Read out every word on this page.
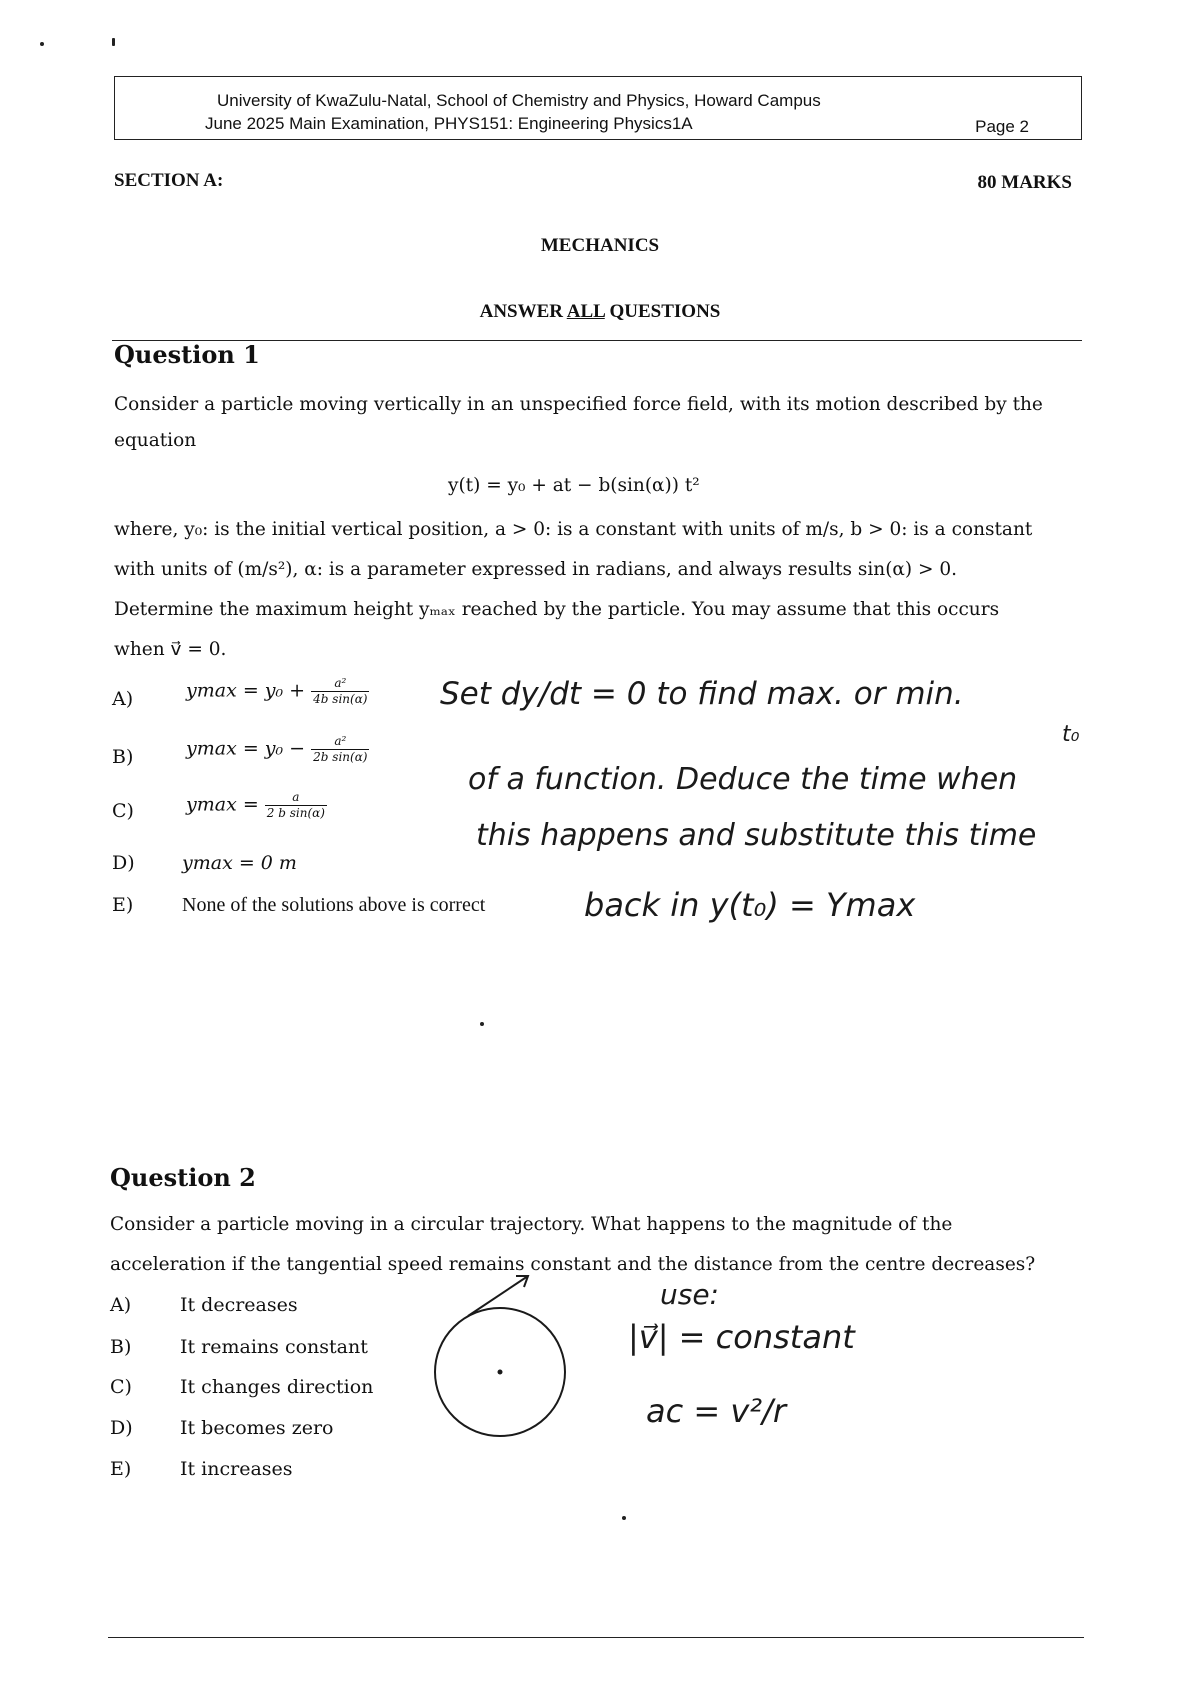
University of KwaZulu-Natal, School of Chemistry and Physics, Howard Campus
June 2025 Main Examination, PHYS151: Engineering Physics1A	Page 2
SECTION A:	80 MARKS
MECHANICS
ANSWER ALL QUESTIONS
Question 1
Consider a particle moving vertically in an unspecified force field, with its motion described by the
equation
y(t) = y₀ + at − b(sin(α)) t²
where, y₀: is the initial vertical position, a > 0: is a constant with units of m/s, b > 0: is a constant
with units of (m/s²), α: is a parameter expressed in radians, and always results sin(α) > 0.
Determine the maximum height yₘₐₓ reached by the particle. You may assume that this occurs
when v⃗ = 0.
A)	$ymax = y_0 + \frac{\text{a²}}{\text{4b sin(α)}}$
B)	$ymax = y_0 - \frac{\text{a²}}{\text{2b sin(α)}}$
C)	$ymax = \frac{a}{\text{2 b sin(α)}}$
D) ymax = 0 m
E) None of the solutions above is correct
Set dy/dt = 0 to find max. or min.
t₀
of a function. Deduce the time when
this happens and substitute this time
back in y(t₀) = Ymax
Question 2
Consider a particle moving in a circular trajectory. What happens to the magnitude of the
acceleration if the tangential speed remains constant and the distance from the centre decreases?
A)	It decreases
B)	It remains constant
C)	It changes direction
D) It becomes zero
E)	It increases
use:
|v⃗| = constant
ac = v²/r
